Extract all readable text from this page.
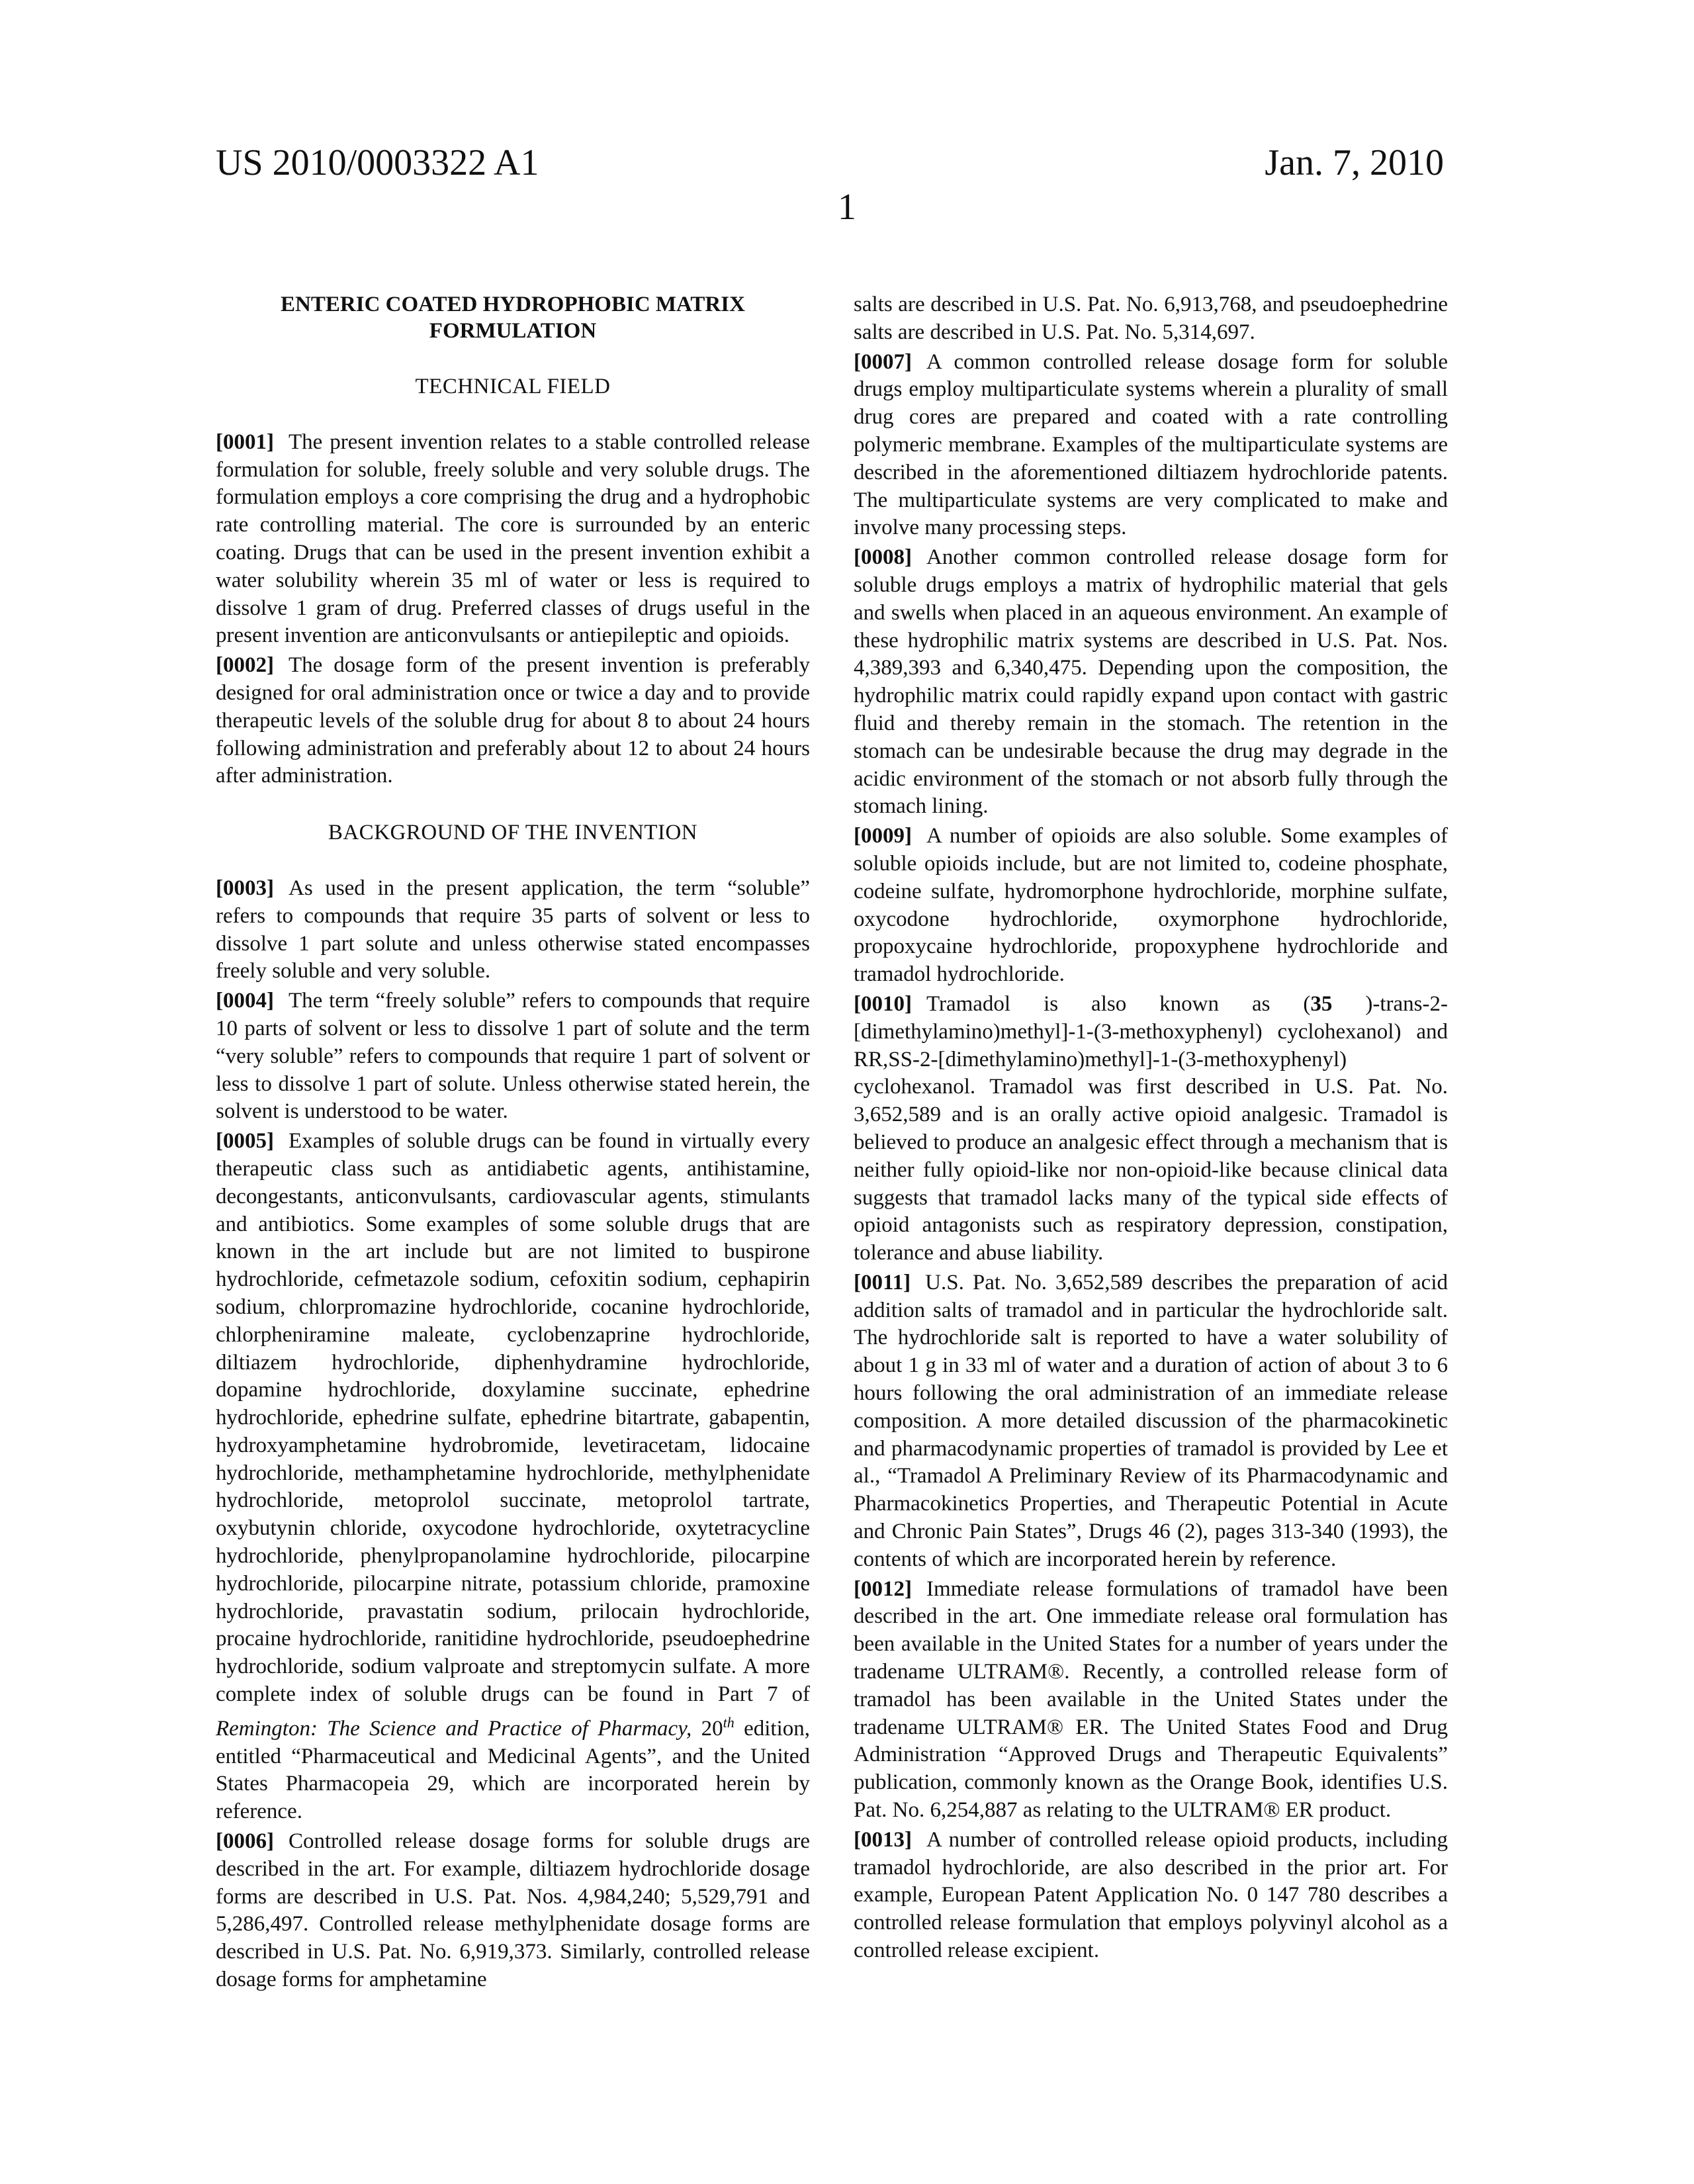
US 2010/0003322 A1	Jan. 7, 2010
1
ENTERIC COATED HYDROPHOBIC MATRIX FORMULATION
TECHNICAL FIELD

[0001] The present invention relates to a stable controlled release formulation for soluble, freely soluble and very soluble drugs. The formulation employs a core comprising the drug and a hydrophobic rate controlling material. The core is surrounded by an enteric coating. Drugs that can be used in the present invention exhibit a water solubility wherein 35 ml of water or less is required to dissolve 1 gram of drug. Preferred classes of drugs useful in the present invention are anticonvulsants or antiepileptic and opioids.

[0002] The dosage form of the present invention is preferably designed for oral administration once or twice a day and to provide therapeutic levels of the soluble drug for about 8 to about 24 hours following administration and preferably about 12 to about 24 hours after administration.

BACKGROUND OF THE INVENTION

[0003] As used in the present application, the term “soluble” refers to compounds that require 35 parts of solvent or less to dissolve 1 part solute and unless otherwise stated encompasses freely soluble and very soluble.

[0004] The term “freely soluble” refers to compounds that require 10 parts of solvent or less to dissolve 1 part of solute and the term “very soluble” refers to compounds that require 1 part of solvent or less to dissolve 1 part of solute. Unless otherwise stated herein, the solvent is understood to be water.

[0005] Examples of soluble drugs can be found in virtually every therapeutic class such as antidiabetic agents, antihistamine, decongestants, anticonvulsants, cardiovascular agents, stimulants and antibiotics. Some examples of some soluble drugs that are known in the art include but are not limited to buspirone hydrochloride, cefmetazole sodium, cefoxitin sodium, cephapirin sodium, chlorpromazine hydrochloride, cocanine hydrochloride, chlorpheniramine maleate, cyclobenzaprine hydrochloride, diltiazem hydrochloride, diphenhydramine hydrochloride, dopamine hydrochloride, doxylamine succinate, ephedrine hydrochloride, ephedrine sulfate, ephedrine bitartrate, gabapentin, hydroxyamphetamine hydrobromide, levetiracetam, lidocaine hydrochloride, methamphetamine hydrochloride, methylphenidate hydrochloride, metoprolol succinate, metoprolol tartrate, oxybutynin chloride, oxycodone hydrochloride, oxytetracycline hydrochloride, phenylpropanolamine hydrochloride, pilocarpine hydrochloride, pilocarpine nitrate, potassium chloride, pramoxine hydrochloride, pravastatin sodium, prilocain hydrochloride, procaine hydrochloride, ranitidine hydrochloride, pseudoephedrine hydrochloride, sodium valproate and streptomycin sulfate. A more complete index of soluble drugs can be found in Part 7 of Remington: The Science and Practice of Pharmacy, 20th edition, entitled “Pharmaceutical and Medicinal Agents”, and the United States Pharmacopeia 29, which are incorporated herein by reference.

[0006] Controlled release dosage forms for soluble drugs are described in the art. For example, diltiazem hydrochloride dosage forms are described in U.S. Pat. Nos. 4,984,240; 5,529,791 and 5,286,497. Controlled release methylphenidate dosage forms are described in U.S. Pat. No. 6,919,373. Similarly, controlled release dosage forms for amphetamine

salts are described in U.S. Pat. No. 6,913,768, and pseudoephedrine salts are described in U.S. Pat. No. 5,314,697.

[0007] A common controlled release dosage form for soluble drugs employ multiparticulate systems wherein a plurality of small drug cores are prepared and coated with a rate controlling polymeric membrane. Examples of the multiparticulate systems are described in the aforementioned diltiazem hydrochloride patents. The multiparticulate systems are very complicated to make and involve many processing steps.

[0008] Another common controlled release dosage form for soluble drugs employs a matrix of hydrophilic material that gels and swells when placed in an aqueous environment. An example of these hydrophilic matrix systems are described in U.S. Pat. Nos. 4,389,393 and 6,340,475. Depending upon the composition, the hydrophilic matrix could rapidly expand upon contact with gastric fluid and thereby remain in the stomach. The retention in the stomach can be undesirable because the drug may degrade in the acidic environment of the stomach or not absorb fully through the stomach lining.

[0009] A number of opioids are also soluble. Some examples of soluble opioids include, but are not limited to, codeine phosphate, codeine sulfate, hydromorphone hydrochloride, morphine sulfate, oxycodone hydrochloride, oxymorphone hydrochloride, propoxycaine hydrochloride, propoxyphene hydrochloride and tramadol hydrochloride.

[0010] Tramadol is also known as (35 )-trans-2-[dimethylamino)methyl]-1-(3-methoxyphenyl) cyclohexanol) and RR,SS-2-[dimethylamino)methyl]-1-(3-methoxyphenyl) cyclohexanol. Tramadol was first described in U.S. Pat. No. 3,652,589 and is an orally active opioid analgesic. Tramadol is believed to produce an analgesic effect through a mechanism that is neither fully opioid-like nor non-opioid-like because clinical data suggests that tramadol lacks many of the typical side effects of opioid antagonists such as respiratory depression, constipation, tolerance and abuse liability.

[0011] U.S. Pat. No. 3,652,589 describes the preparation of acid addition salts of tramadol and in particular the hydrochloride salt. The hydrochloride salt is reported to have a water solubility of about 1 g in 33 ml of water and a duration of action of about 3 to 6 hours following the oral administration of an immediate release composition. A more detailed discussion of the pharmacokinetic and pharmacodynamic properties of tramadol is provided by Lee et al., “Tramadol A Preliminary Review of its Pharmacodynamic and Pharmacokinetics Properties, and Therapeutic Potential in Acute and Chronic Pain States”, Drugs 46 (2), pages 313-340 (1993), the contents of which are incorporated herein by reference.

[0012] Immediate release formulations of tramadol have been described in the art. One immediate release oral formulation has been available in the United States for a number of years under the tradename ULTRAM®. Recently, a controlled release form of tramadol has been available in the United States under the tradename ULTRAM® ER. The United States Food and Drug Administration “Approved Drugs and Therapeutic Equivalents” publication, commonly known as the Orange Book, identifies U.S. Pat. No. 6,254,887 as relating to the ULTRAM® ER product.

[0013] A number of controlled release opioid products, including tramadol hydrochloride, are also described in the prior art. For example, European Patent Application No. 0 147 780 describes a controlled release formulation that employs polyvinyl alcohol as a controlled release excipient.
